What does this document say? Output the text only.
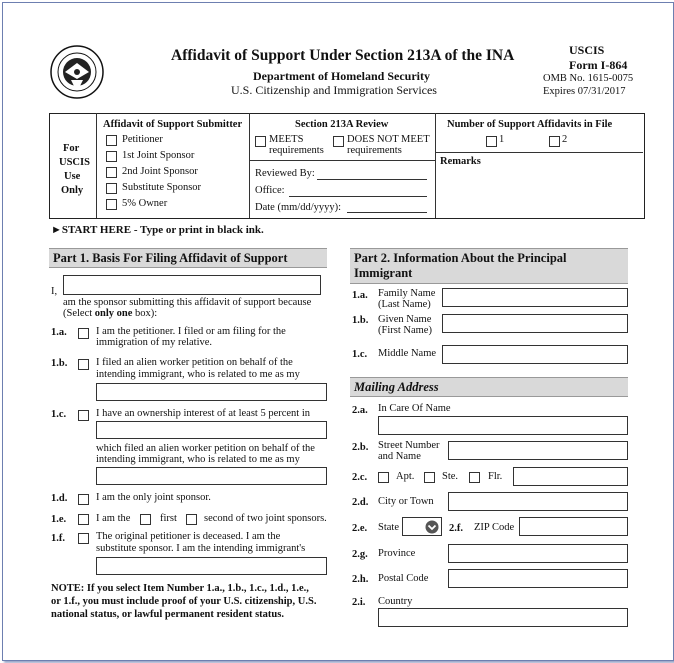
Affidavit of Support Under Section 213A of the INA
Department of Homeland Security
U.S. Citizenship and Immigration Services
USCIS
Form I-864
OMB No. 1615-0075
Expires 07/31/2017
For
USCIS
Use
Only
Affidavit of Support Submitter
Petitioner
1st Joint Sponsor
2nd Joint Sponsor
Substitute Sponsor
5% Owner
Section 213A Review
MEETS
requirements
DOES NOT MEET
requirements
Reviewed By:
Office:
Date (mm/dd/yyyy):
Number of Support Affidavits in File
1	2
Remarks
►START HERE - Type or print in black ink.
Part 1. Basis For Filing Affidavit of Support
I,
am the sponsor submitting this affidavit of support because
(Select only one box):
1.a.	I am the petitioner. I filed or am filing for the
immigration of my relative.
1.b.	I filed an alien worker petition on behalf of the
intending immigrant, who is related to me as my
1.c.	I have an ownership interest of at least 5 percent in
which filed an alien worker petition on behalf of the
intending immigrant, who is related to me as my
1.d.	I am the only joint sponsor.
1.e.	I am the	first	second of two joint sponsors.
1.f.	The original petitioner is deceased. I am the
substitute sponsor. I am the intending immigrant's
NOTE: If you select Item Number 1.a., 1.b., 1.c., 1.d., 1.e.,
or 1.f., you must include proof of your U.S. citizenship, U.S.
national status, or lawful permanent resident status.
Part 2. Information About the Principal
Immigrant
1.a. Family Name
(Last Name)
1.b. Given Name
(First Name)
1.c. Middle Name
Mailing Address
2.a. In Care Of Name
2.b. Street Number
and Name
2.c.	Apt.	Ste.	Flr.
2.d. City or Town
2.e. State	2.f. ZIP Code
2.g. Province
2.h. Postal Code
2.i. Country
